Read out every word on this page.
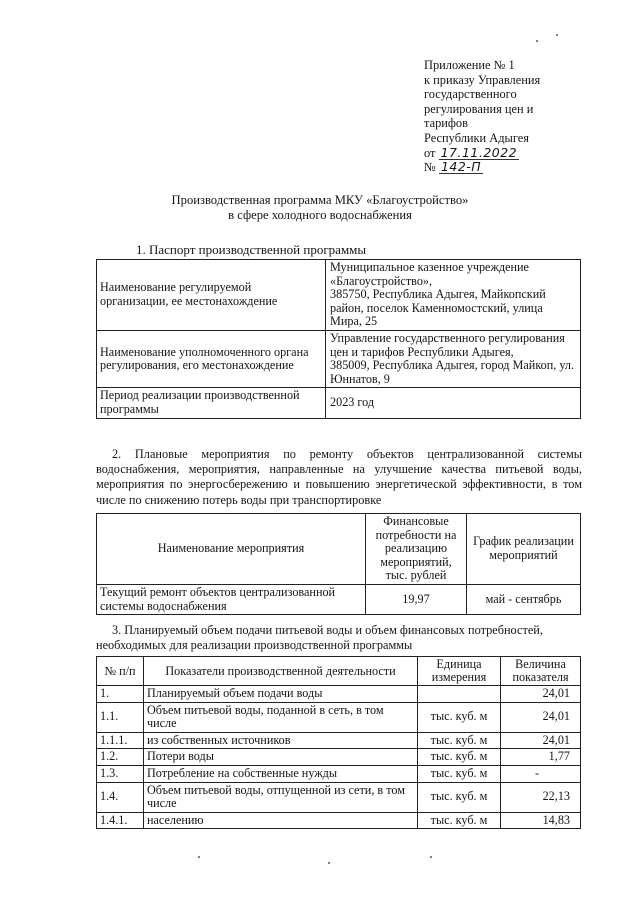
Приложение № 1
к приказу Управления
государственного
регулирования цен и
тарифов
Республики Адыгея
от 17.11.2022
№ 142-П
Производственная программа МКУ «Благоустройство»
в сфере холодного водоснабжения
1. Паспорт производственной программы
Наименование регулируемой организации, ее местонахождение	Муниципальное казенное учреждение «Благоустройство»,
385750, Республика Адыгея, Майкопский район, поселок Каменномостский, улица Мира, 25

Наименование уполномоченного органа регулирования, его местонахождение	Управление государственного регулирования цен и тарифов Республики Адыгея,
385009, Республика Адыгея, город Майкоп, ул. Юннатов, 9

Период реализации производственной программы	2023 год
2. Плановые мероприятия по ремонту объектов централизованной системы водоснабжения, мероприятия, направленные на улучшение качества питьевой воды, мероприятия по энергосбережению и повышению энергетической эффективности, в том числе по снижению потерь воды при транспортировке
Наименование мероприятия	Финансовые потребности на реализацию мероприятий, тыс. рублей	График реализации мероприятий
Текущий ремонт объектов централизованной системы водоснабжения	19,97	май - сентябрь
3. Планируемый объем подачи питьевой воды и объем финансовых потребностей, необходимых для реализации производственной программы
№ п/п	Показатели производственной деятельности	Единица измерения	Величина показателя
1.	Планируемый объем подачи воды		24,01
1.1.	Объем питьевой воды, поданной в сеть, в том числе	тыс. куб. м	24,01
1.1.1.	из собственных источников	тыс. куб. м	24,01
1.2.	Потери воды	тыс. куб. м	1,77
1.3.	Потребление на собственные нужды	тыс. куб. м	-
1.4.	Объем питьевой воды, отпущенной из сети, в том числе	тыс. куб. м	22,13
1.4.1.	населению	тыс. куб. м	14,83
